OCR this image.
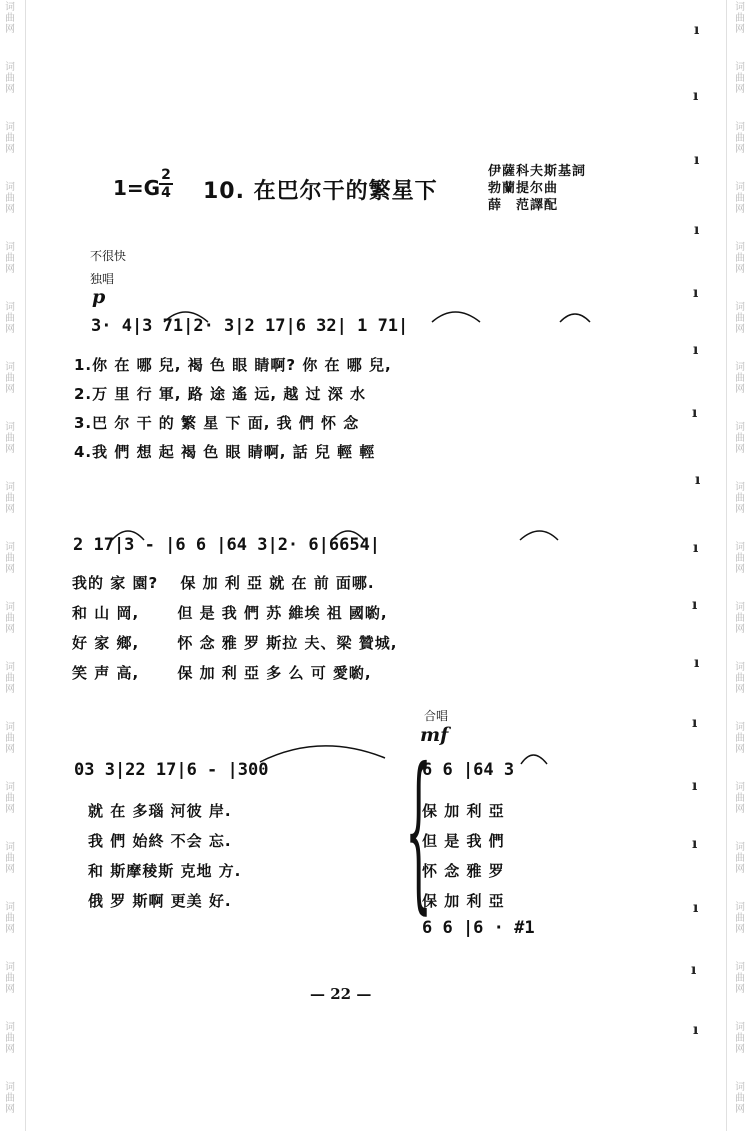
词曲网
词曲网
词曲网
词曲网
词曲网
词曲网
词曲网
词曲网
词曲网
词曲网
词曲网
词曲网
词曲网
词曲网
词曲网
词曲网
词曲网
词曲网
词曲网
词曲网
词曲网
词曲网
词曲网
词曲网
词曲网
词曲网
词曲网
词曲网
词曲网
词曲网
词曲网
词曲网
词曲网
词曲网
词曲网
词曲网
词曲网
词曲网
ı
ı
ı
ı
ı
ı
ı
ı
ı
ı
ı
ı
ı
ı
ı
ı
ı
1=G
2
4 10. 在巴尔干的繁星下
伊薩科夫斯基詞
勃蘭提尔曲
薛　范譯配
不很快
独唱
p
3· 4|3 71|2· 3|2 17|6 32| 1 71|
1.你 在 哪 兒, 褐 色 眼 睛啊? 你 在 哪 兒,
2.万 里 行 軍, 路 途 遙 远, 越 过 深 水
3.巴 尔 干 的 繁 星 下 面, 我 們 怀 念
4.我 們 想 起 褐 色 眼 睛啊, 話 兒 輕 輕
2 17|3 - |6 6 |64 3|2· 6|6654|
我的 家 園?　 保 加 利 亞 就 在 前 面哪.
和 山 岡,　　 但 是 我 們 苏 維埃 祖 國喲,
好 家 鄉,　　 怀 念 雅 罗 斯拉 夫、梁 贊城,
笑 声 高,　　 保 加 利 亞 多 么 可 愛喲,
合唱
mf
03 3|22 17|6 - |300
就 在 多瑙 河彼 岸.
我 們 始終 不会 忘.
和 斯摩稜斯 克地 方.
俄 罗 斯啊 更美 好. {
6 6 |64 3
保 加 利 亞
但 是 我 們
怀 念 雅 罗
保 加 利 亞
6 6 |6 · #1
— 22 —
